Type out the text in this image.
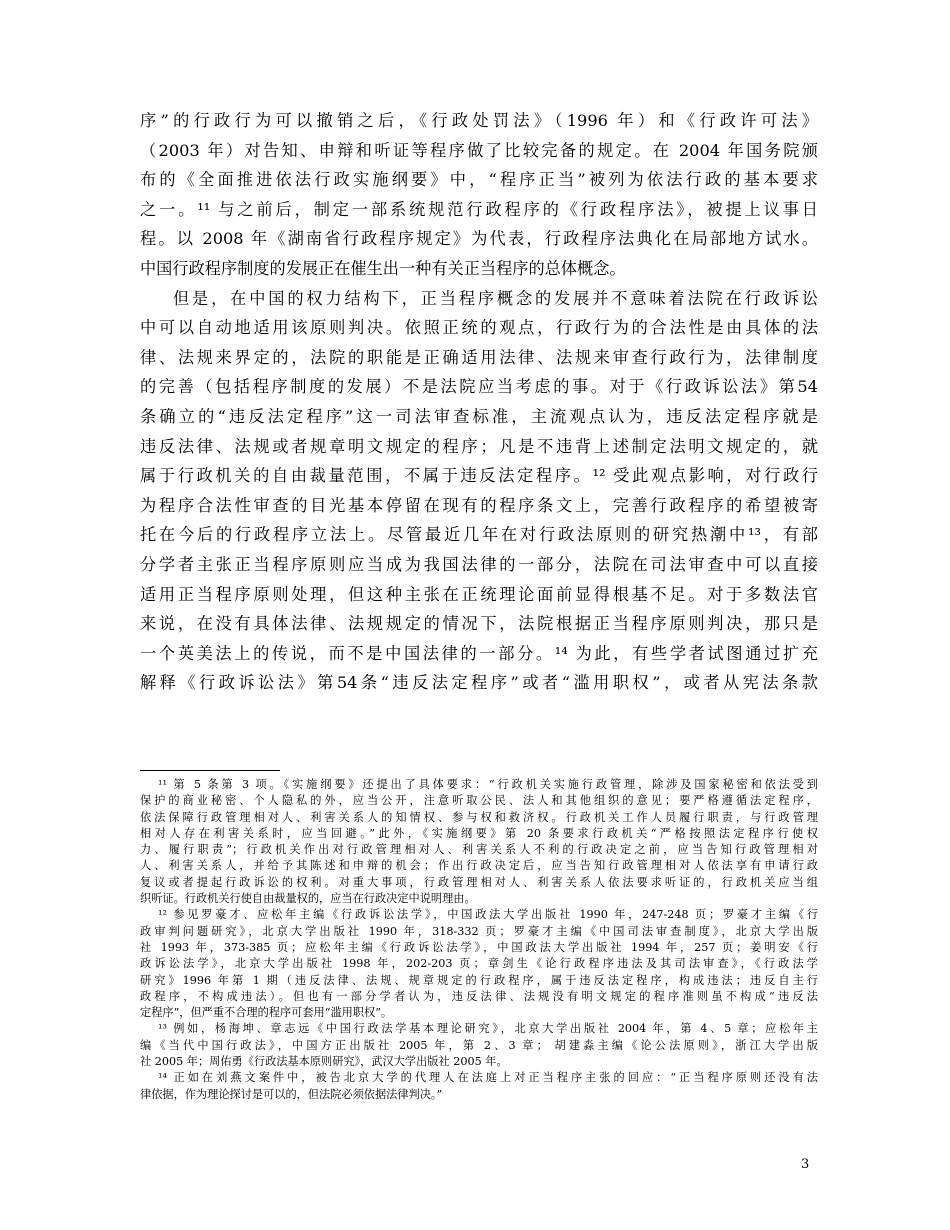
序”的行政行为可以撤销之后，《行政处罚法》（1996 年）和《行政许可法》
（2003 年）对告知、申辩和听证等程序做了比较完备的规定。在 2004 年国务院颁
布的《全面推进依法行政实施纲要》中，“程序正当”被列为依法行政的基本要求
之一。¹¹ 与之前后，制定一部系统规范行政程序的《行政程序法》，被提上议事日
程。以 2008 年《湖南省行政程序规定》为代表，行政程序法典化在局部地方试水。
中国行政程序制度的发展正在催生出一种有关正当程序的总体概念。
但是，在中国的权力结构下，正当程序概念的发展并不意味着法院在行政诉讼
中可以自动地适用该原则判决。依照正统的观点，行政行为的合法性是由具体的法
律、法规来界定的，法院的职能是正确适用法律、法规来审查行政行为，法律制度
的完善（包括程序制度的发展）不是法院应当考虑的事。对于《行政诉讼法》第54
条确立的“违反法定程序”这一司法审查标准，主流观点认为，违反法定程序就是
违反法律、法规或者规章明文规定的程序；凡是不违背上述制定法明文规定的，就
属于行政机关的自由裁量范围，不属于违反法定程序。¹² 受此观点影响，对行政行
为程序合法性审查的目光基本停留在现有的程序条文上，完善行政程序的希望被寄
托在今后的行政程序立法上。尽管最近几年在对行政法原则的研究热潮中¹³，有部
分学者主张正当程序原则应当成为我国法律的一部分，法院在司法审查中可以直接
适用正当程序原则处理，但这种主张在正统理论面前显得根基不足。对于多数法官
来说，在没有具体法律、法规规定的情况下，法院根据正当程序原则判决，那只是
一个英美法上的传说，而不是中国法律的一部分。¹⁴ 为此，有些学者试图通过扩充
解释《行政诉讼法》第54条“违反法定程序”或者“滥用职权”，或者从宪法条款
¹¹ 第 5 条第 3 项。《实施纲要》还提出了具体要求：“行政机关实施行政管理，除涉及国家秘密和依法受到
保护的商业秘密、个人隐私的外，应当公开，注意听取公民、法人和其他组织的意见；要严格遵循法定程序，
依法保障行政管理相对人、利害关系人的知情权、参与权和救济权。行政机关工作人员履行职责，与行政管理
相对人存在利害关系时，应当回避。”此外，《实施纲要》第 20 条要求行政机关“严格按照法定程序行使权
力、履行职责”；行政机关作出对行政管理相对人、利害关系人不利的行政决定之前，应当告知行政管理相对
人、利害关系人，并给予其陈述和申辩的机会；作出行政决定后，应当告知行政管理相对人依法享有申请行政
复议或者提起行政诉讼的权利。对重大事项，行政管理相对人、利害关系人依法要求听证的，行政机关应当组
织听证。行政机关行使自由裁量权的，应当在行政决定中说明理由。
¹² 参见罗豪才、应松年主编《行政诉讼法学》，中国政法大学出版社 1990 年，247-248 页；罗豪才主编《行
政审判问题研究》，北京大学出版社 1990 年，318-332 页；罗豪才主编《中国司法审查制度》，北京大学出版
社 1993 年，373-385 页；应松年主编《行政诉讼法学》，中国政法大学出版社 1994 年，257 页；姜明安《行
政诉讼法学》，北京大学出版社 1998 年，202-203 页；章剑生《论行政程序违法及其司法审查》，《行政法学
研究》1996 年第 1 期（违反法律、法规、规章规定的行政程序，属于违反法定程序，构成违法；违反自主行
政程序，不构成违法）。但也有一部分学者认为，违反法律、法规没有明文规定的程序准则虽不构成“违反法
定程序”，但严重不合理的程序可套用“滥用职权”。
¹³ 例如，杨海坤、章志远《中国行政法学基本理论研究》，北京大学出版社 2004 年，第 4、5 章；应松年主
编《当代中国行政法》，中国方正出版社 2005 年，第 2、3 章； 胡建淼主编《论公法原则》，浙江大学出版
社 2005 年；周佑勇《行政法基本原则研究》，武汉大学出版社 2005 年。
¹⁴ 正如在刘燕文案件中，被告北京大学的代理人在法庭上对正当程序主张的回应：“正当程序原则还没有法
律依据，作为理论探讨是可以的，但法院必须依据法律判决。”
3
